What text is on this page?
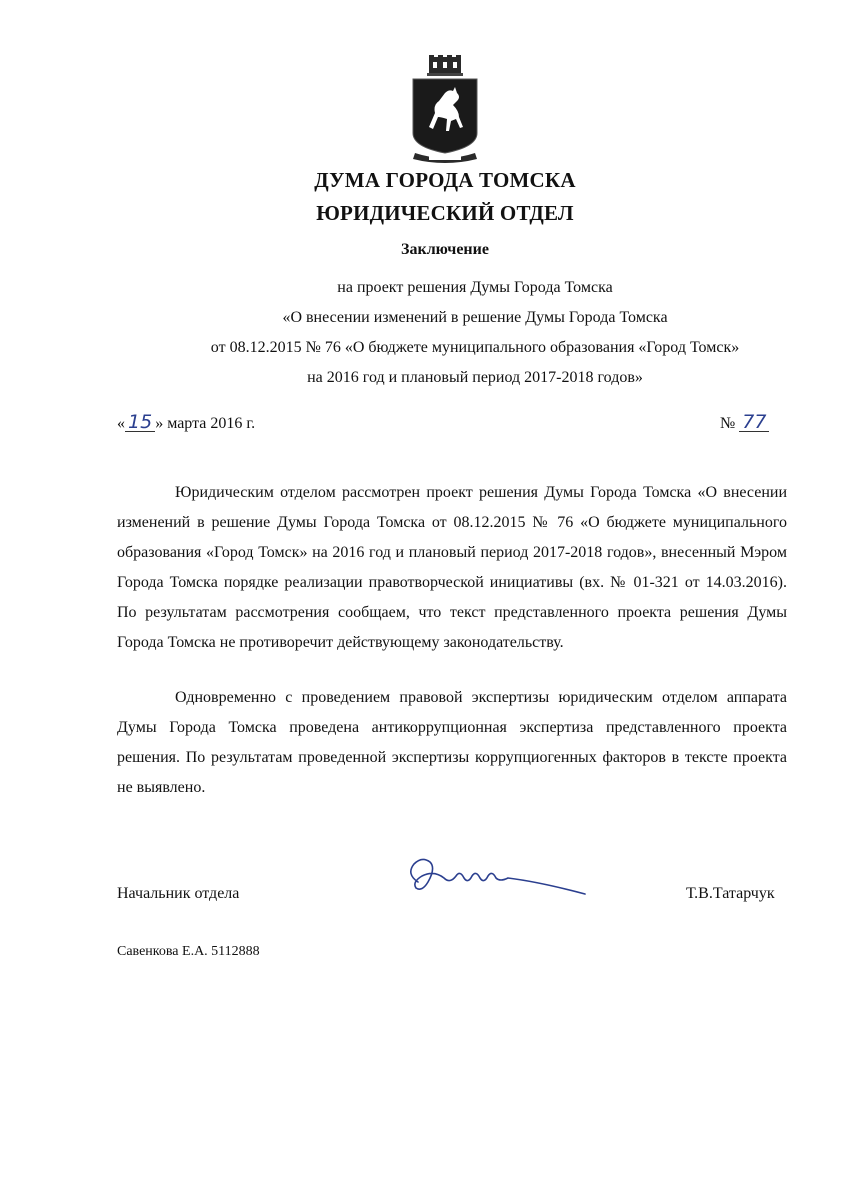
ДУМА ГОРОДА ТОМСКА
ЮРИДИЧЕСКИЙ ОТДЕЛ
Заключение
на проект решения Думы Города Томска
«О внесении изменений в решение Думы Города Томска
от 08.12.2015 № 76 «О бюджете муниципального образования «Город Томск»
на 2016 год и плановый период 2017-2018 годов»
« 15 » марта 2016 г.	№ 77

Юридическим отделом рассмотрен проект решения Думы Города Томска «О внесении изменений в решение Думы Города Томска от 08.12.2015 № 76 «О бюджете муниципального образования «Город Томск» на 2016 год и плановый период 2017-2018 годов», внесенный Мэром Города Томска порядке реализации правотворческой инициативы (вх. № 01-321 от 14.03.2016). По результатам рассмотрения сообщаем, что текст представленного проекта решения Думы Города Томска не противоречит действующему законодательству.

Одновременно с проведением правовой экспертизы юридическим отделом аппарата Думы Города Томска проведена антикоррупционная экспертиза представленного проекта решения. По результатам проведенной экспертизы коррупциогенных факторов в тексте проекта не выявлено.

Начальник отдела	Т.В.Татарчук
Савенкова Е.А. 5112888
